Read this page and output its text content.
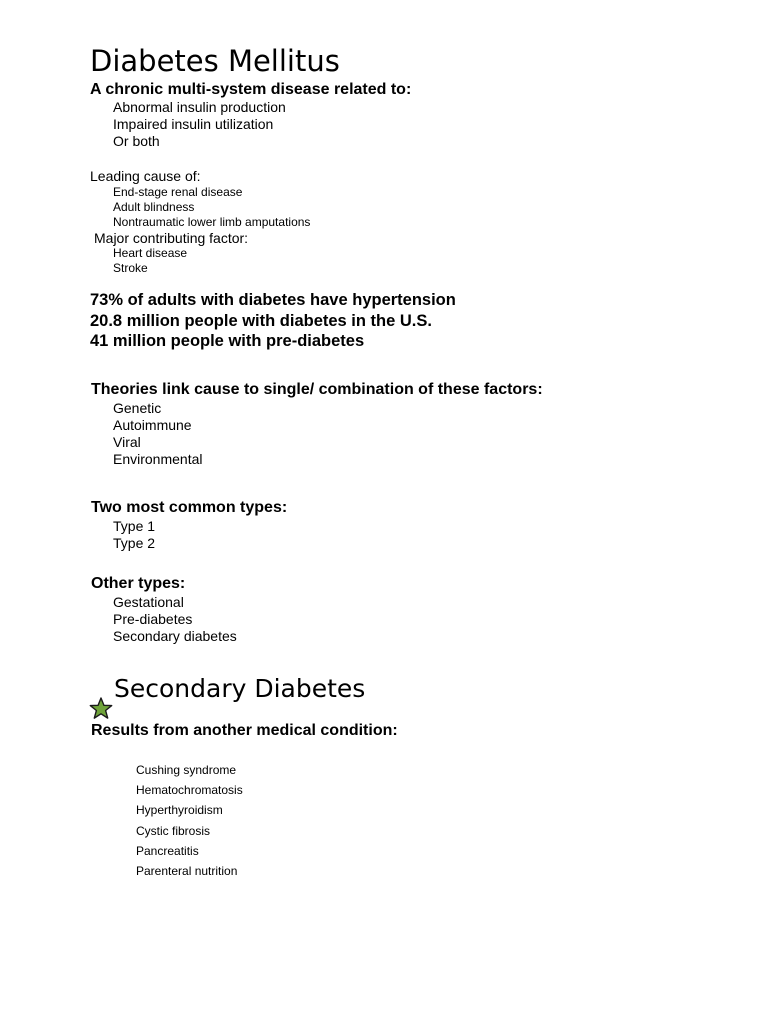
Diabetes Mellitus
A chronic multi-system disease related to:
Abnormal insulin production
Impaired insulin utilization
Or both
Leading cause of:
End-stage renal disease
Adult blindness
Nontraumatic lower limb amputations
Major contributing factor:
Heart disease
Stroke
73% of adults with diabetes have hypertension
20.8 million people with diabetes in the U.S.
41 million people with pre-diabetes
Theories link cause to single/ combination of these factors:
Genetic
Autoimmune
Viral
Environmental
Two most common types:
Type 1
Type 2
Other types:
Gestational
Pre-diabetes
Secondary diabetes
Secondary Diabetes
Results from another medical condition:
Cushing syndrome
Hematochromatosis
Hyperthyroidism
Cystic fibrosis
Pancreatitis
Parenteral nutrition
